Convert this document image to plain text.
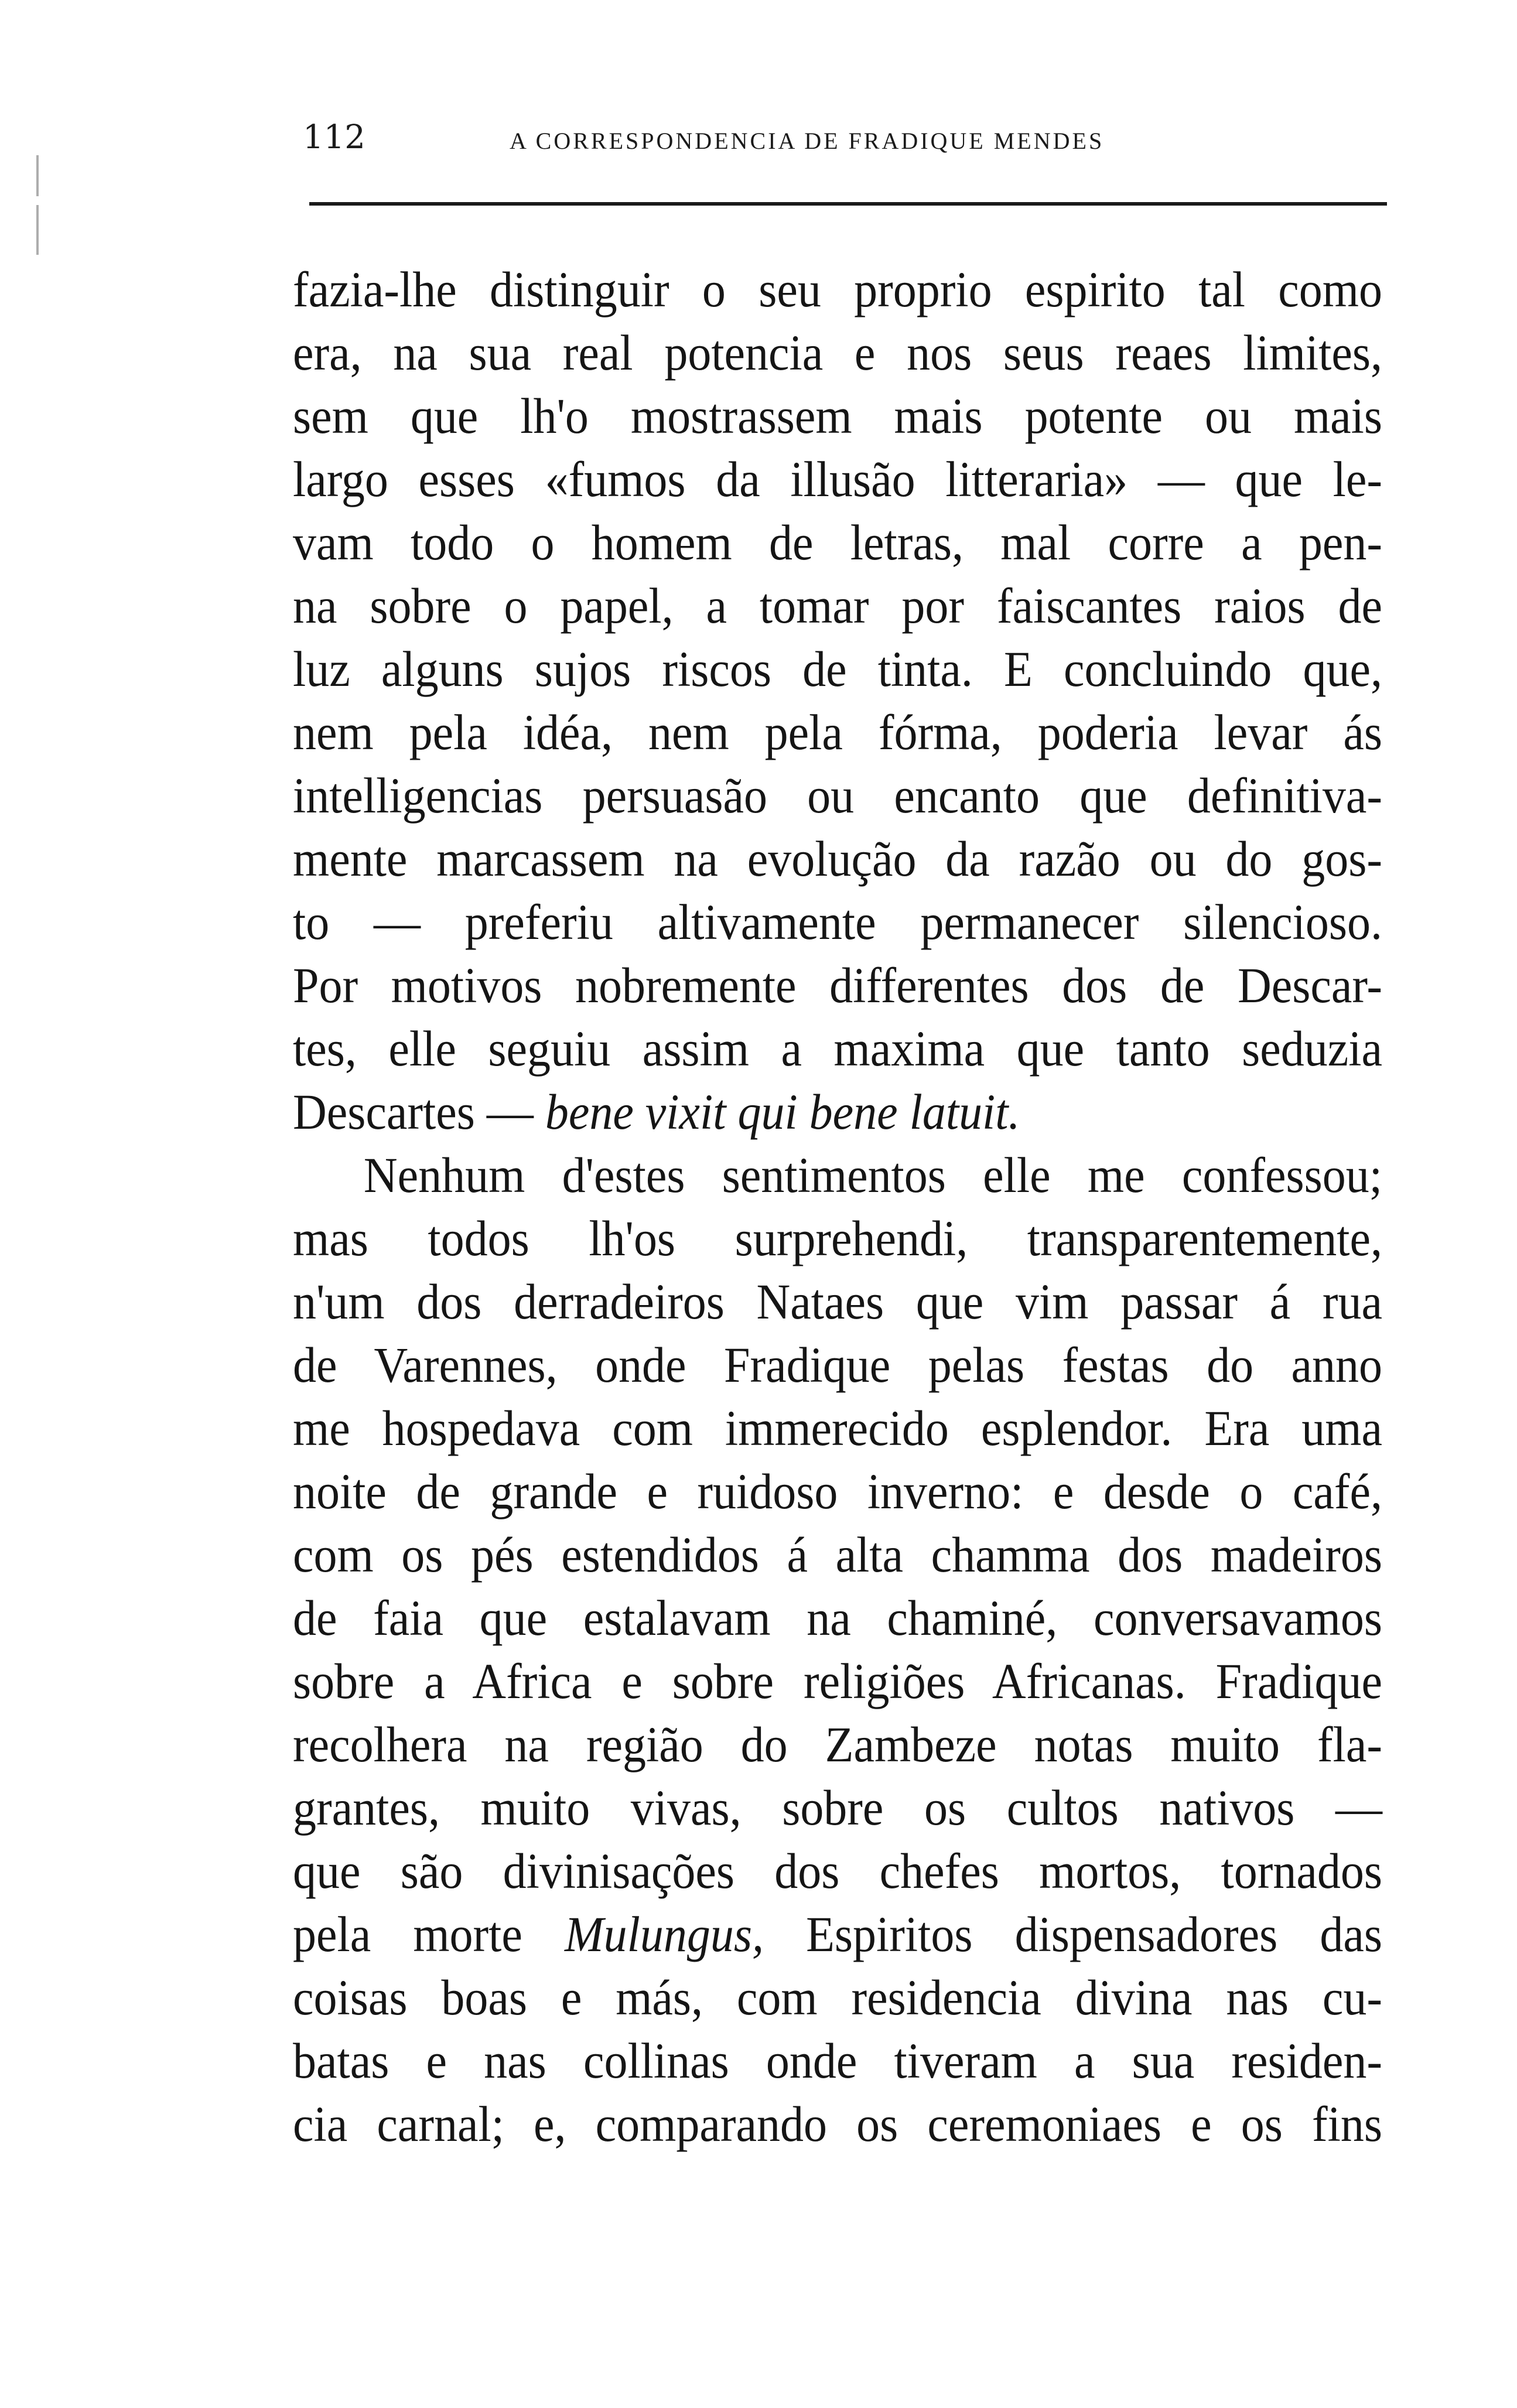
112	A CORRESPONDENCIA DE FRADIQUE MENDES
fazia-lhe distinguir o seu proprio espirito tal como
era, na sua real potencia e nos seus reaes limites,
sem que lh'o mostrassem mais potente ou mais
largo esses «fumos da illusão litteraria» — que le-
vam todo o homem de letras, mal corre a pen-
na sobre o papel, a tomar por faiscantes raios de
luz alguns sujos riscos de tinta. E concluindo que,
nem pela idéa, nem pela fórma, poderia levar ás
intelligencias persuasão ou encanto que definitiva-
mente marcassem na evolução da razão ou do gos-
to — preferiu altivamente permanecer silencioso.
Por motivos nobremente differentes dos de Descar-
tes, elle seguiu assim a maxima que tanto seduzia
Descartes — bene vixit qui bene latuit.
Nenhum d'estes sentimentos elle me confessou;
mas todos lh'os surprehendi, transparentemente,
n'um dos derradeiros Nataes que vim passar á rua
de Varennes, onde Fradique pelas festas do anno
me hospedava com immerecido esplendor. Era uma
noite de grande e ruidoso inverno: e desde o café,
com os pés estendidos á alta chamma dos madeiros
de faia que estalavam na chaminé, conversavamos
sobre a Africa e sobre religiões Africanas. Fradique
recolhera na região do Zambeze notas muito fla-
grantes, muito vivas, sobre os cultos nativos —
que são divinisações dos chefes mortos, tornados
pela morte Mulungus, Espiritos dispensadores das
coisas boas e más, com residencia divina nas cu-
batas e nas collinas onde tiveram a sua residen-
cia carnal; e, comparando os ceremoniaes e os fins
